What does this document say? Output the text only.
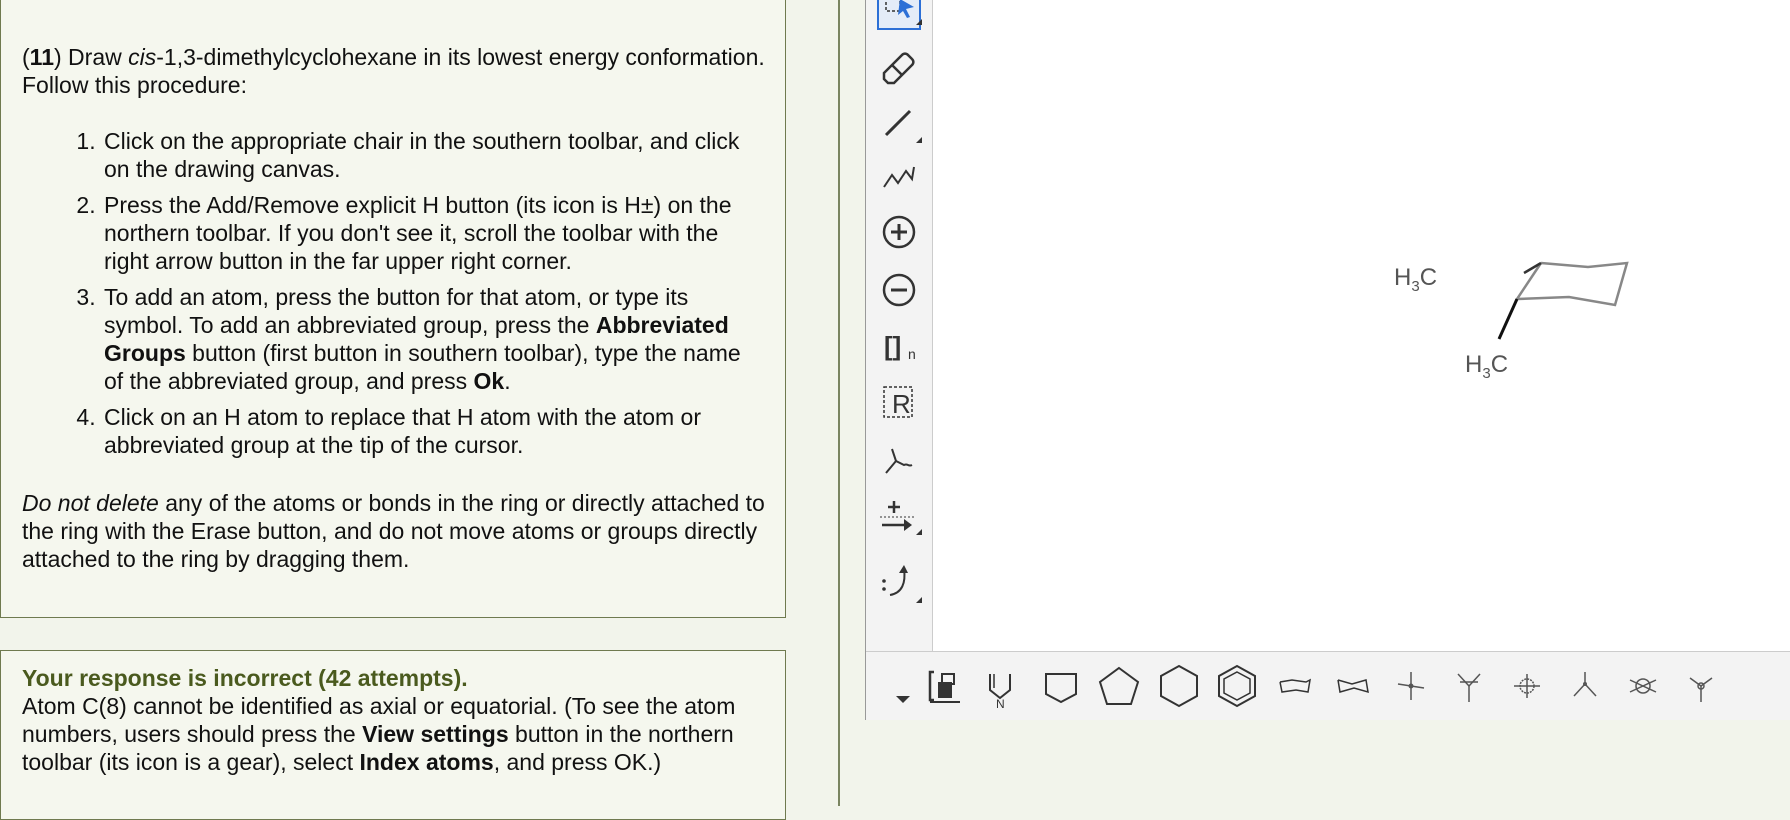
(11) Draw cis-1,3-dimethylcyclohexane in its lowest energy conformation. Follow this procedure:

1. Click on the appropriate chair in the southern toolbar, and click on the drawing canvas.
2. Press the Add/Remove explicit H button (its icon is H±) on the northern toolbar. If you don't see it, scroll the toolbar with the right arrow button in the far upper right corner.
3. To add an atom, press the button for that atom, or type its symbol. To add an abbreviated group, press the Abbreviated Groups button (first button in southern toolbar), type the name of the abbreviated group, and press Ok.
4. Click on an H atom to replace that H atom with the atom or abbreviated group at the tip of the cursor.

Do not delete any of the atoms or bonds in the ring or directly attached to the ring with the Erase button, and do not move atoms or groups directly attached to the ring by dragging them.

Your response is incorrect (42 attempts).
Atom C(8) cannot be identified as axial or equatorial. (To see the atom numbers, users should press the View settings button in the northern toolbar (its icon is a gear), select Index atoms, and press OK.)
[] n
R
$H_3C$
$H_3C$
N
